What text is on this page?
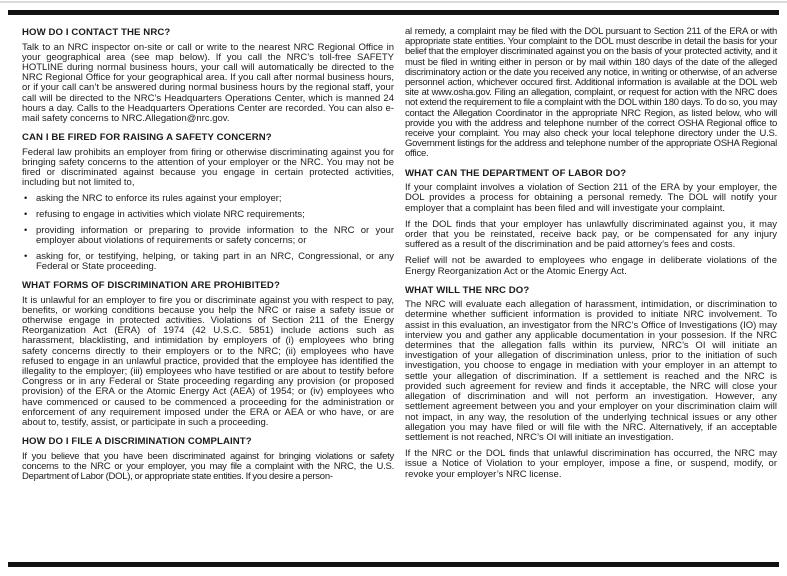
HOW DO I CONTACT THE NRC?

Talk to an NRC inspector on-site or call or write to the nearest NRC Regional Office in your geographical area (see map below). If you call the NRC’s toll-free SAFETY HOTLINE during normal business hours, your call will automatically be directed to the NRC Regional Office for your geographical area. If you call after normal business hours, or if your call can’t be answered during normal business hours by the regional staff, your call will be directed to the NRC’s Headquarters Operations Center, which is manned 24 hours a day. Calls to the Headquarters Operations Center are recorded. You can also e-mail safety concerns to NRC.Allegation@nrc.gov.

CAN I BE FIRED FOR RAISING A SAFETY CONCERN?

Federal law prohibits an employer from firing or otherwise discriminating against you for bringing safety concerns to the attention of your employer or the NRC. You may not be fired or discriminated against because you engage in certain protected activities, including but not limited to,

• asking the NRC to enforce its rules against your employer;
• refusing to engage in activities which violate NRC requirements;
• providing information or preparing to provide information to the NRC or your employer about violations of requirements or safety concerns; or
• asking for, or testifying, helping, or taking part in an NRC, Congressional, or any Federal or State proceeding.
WHAT FORMS OF DISCRIMINATION ARE PROHIBITED?

It is unlawful for an employer to fire you or discriminate against you with respect to pay, benefits, or working conditions because you help the NRC or raise a safety issue or otherwise engage in protected activities. Violations of Section 211 of the Energy Reorganization Act (ERA) of 1974 (42 U.S.C. 5851) include actions such as harassment, blacklisting, and intimidation by employers of (i) employees who bring safety concerns directly to their employers or to the NRC; (ii) employees who have refused to engage in an unlawful practice, provided that the employee has identified the illegality to the employer; (iii) employees who have testified or are about to testify before Congress or in any Federal or State proceeding regarding any provision (or proposed provision) of the ERA or the Atomic Energy Act (AEA) of 1954; or (iv) employees who have commenced or caused to be commenced a proceeding for the administration or enforcement of any requirement imposed under the ERA or AEA or who have, or are about to, testify, assist, or participate in such a proceeding.

HOW DO I FILE A DISCRIMINATION COMPLAINT?

If you believe that you have been discriminated against for bringing violations or safety concerns to the NRC or your employer, you may file a complaint with the NRC, the U.S. Department of Labor (DOL), or appropriate state entities. If you desire a person-

al remedy, a complaint may be filed with the DOL pursuant to Section 211 of the ERA or with appropriate state entities. Your complaint to the DOL must describe in detail the basis for your belief that the employer discriminated against you on the basis of your protected activity, and it must be filed in writing either in person or by mail within 180 days of the date of the alleged discriminatory action or the date you received any notice, in writing or otherwise, of an adverse personnel action, whichever occured first. Additional information is available at the DOL web site at www.osha.gov. Filing an allegation, complaint, or request for action with the NRC does not extend the requirement to file a complaint with the DOL within 180 days. To do so, you may contact the Allegation Coordinator in the appropriate NRC Region, as listed below, who will provide you with the address and telephone number of the correct OSHA Regional office to receive your complaint. You may also check your local telephone directory under the U.S. Government listings for the address and telephone number of the appropriate OSHA Regional office.

WHAT CAN THE DEPARTMENT OF LABOR DO?

If your complaint involves a violation of Section 211 of the ERA by your employer, the DOL provides a process for obtaining a personal remedy. The DOL will notify your employer that a complaint has been filed and will investigate your complaint.

If the DOL finds that your employer has unlawfully discriminated against you, it may order that you be reinstated, receive back pay, or be compensated for any injury suffered as a result of the discrimination and be paid attorney’s fees and costs.

Relief will not be awarded to employees who engage in deliberate violations of the Energy Reorganization Act or the Atomic Energy Act.

WHAT WILL THE NRC DO?

The NRC will evaluate each allegation of harassment, intimidation, or discrimination to determine whether sufficient information is provided to initiate NRC involvement. To assist in this evaluation, an investigator from the NRC’s Office of Investigations (IO) may interview you and gather any applicable documentation in your possesion. If the NRC determines that the allegation falls within its purview, NRC’s OI will initiate an investigation of your allegation of discrimination unless, prior to the initiation of such investigation, you choose to engage in mediation with your employer in an attempt to settle your allegation of discrimination. If a settlement is reached and the NRC is provided such agreement for review and finds it acceptable, the NRC will close your allegation of discrimination and will not perform an investigation. However, any settlement agreement between you and your employer on your discrimination claim will not impact, in any way, the resolution of the underlying technical issues or any other allegation you may have filed or will file with the NRC. Alternatively, if an acceptable settlement is not reached, NRC’s OI will initiate an investigation.

If the NRC or the DOL finds that unlawful discrimination has occurred, the NRC may issue a Notice of Violation to your employer, impose a fine, or suspend, modify, or revoke your employer’s NRC license.
